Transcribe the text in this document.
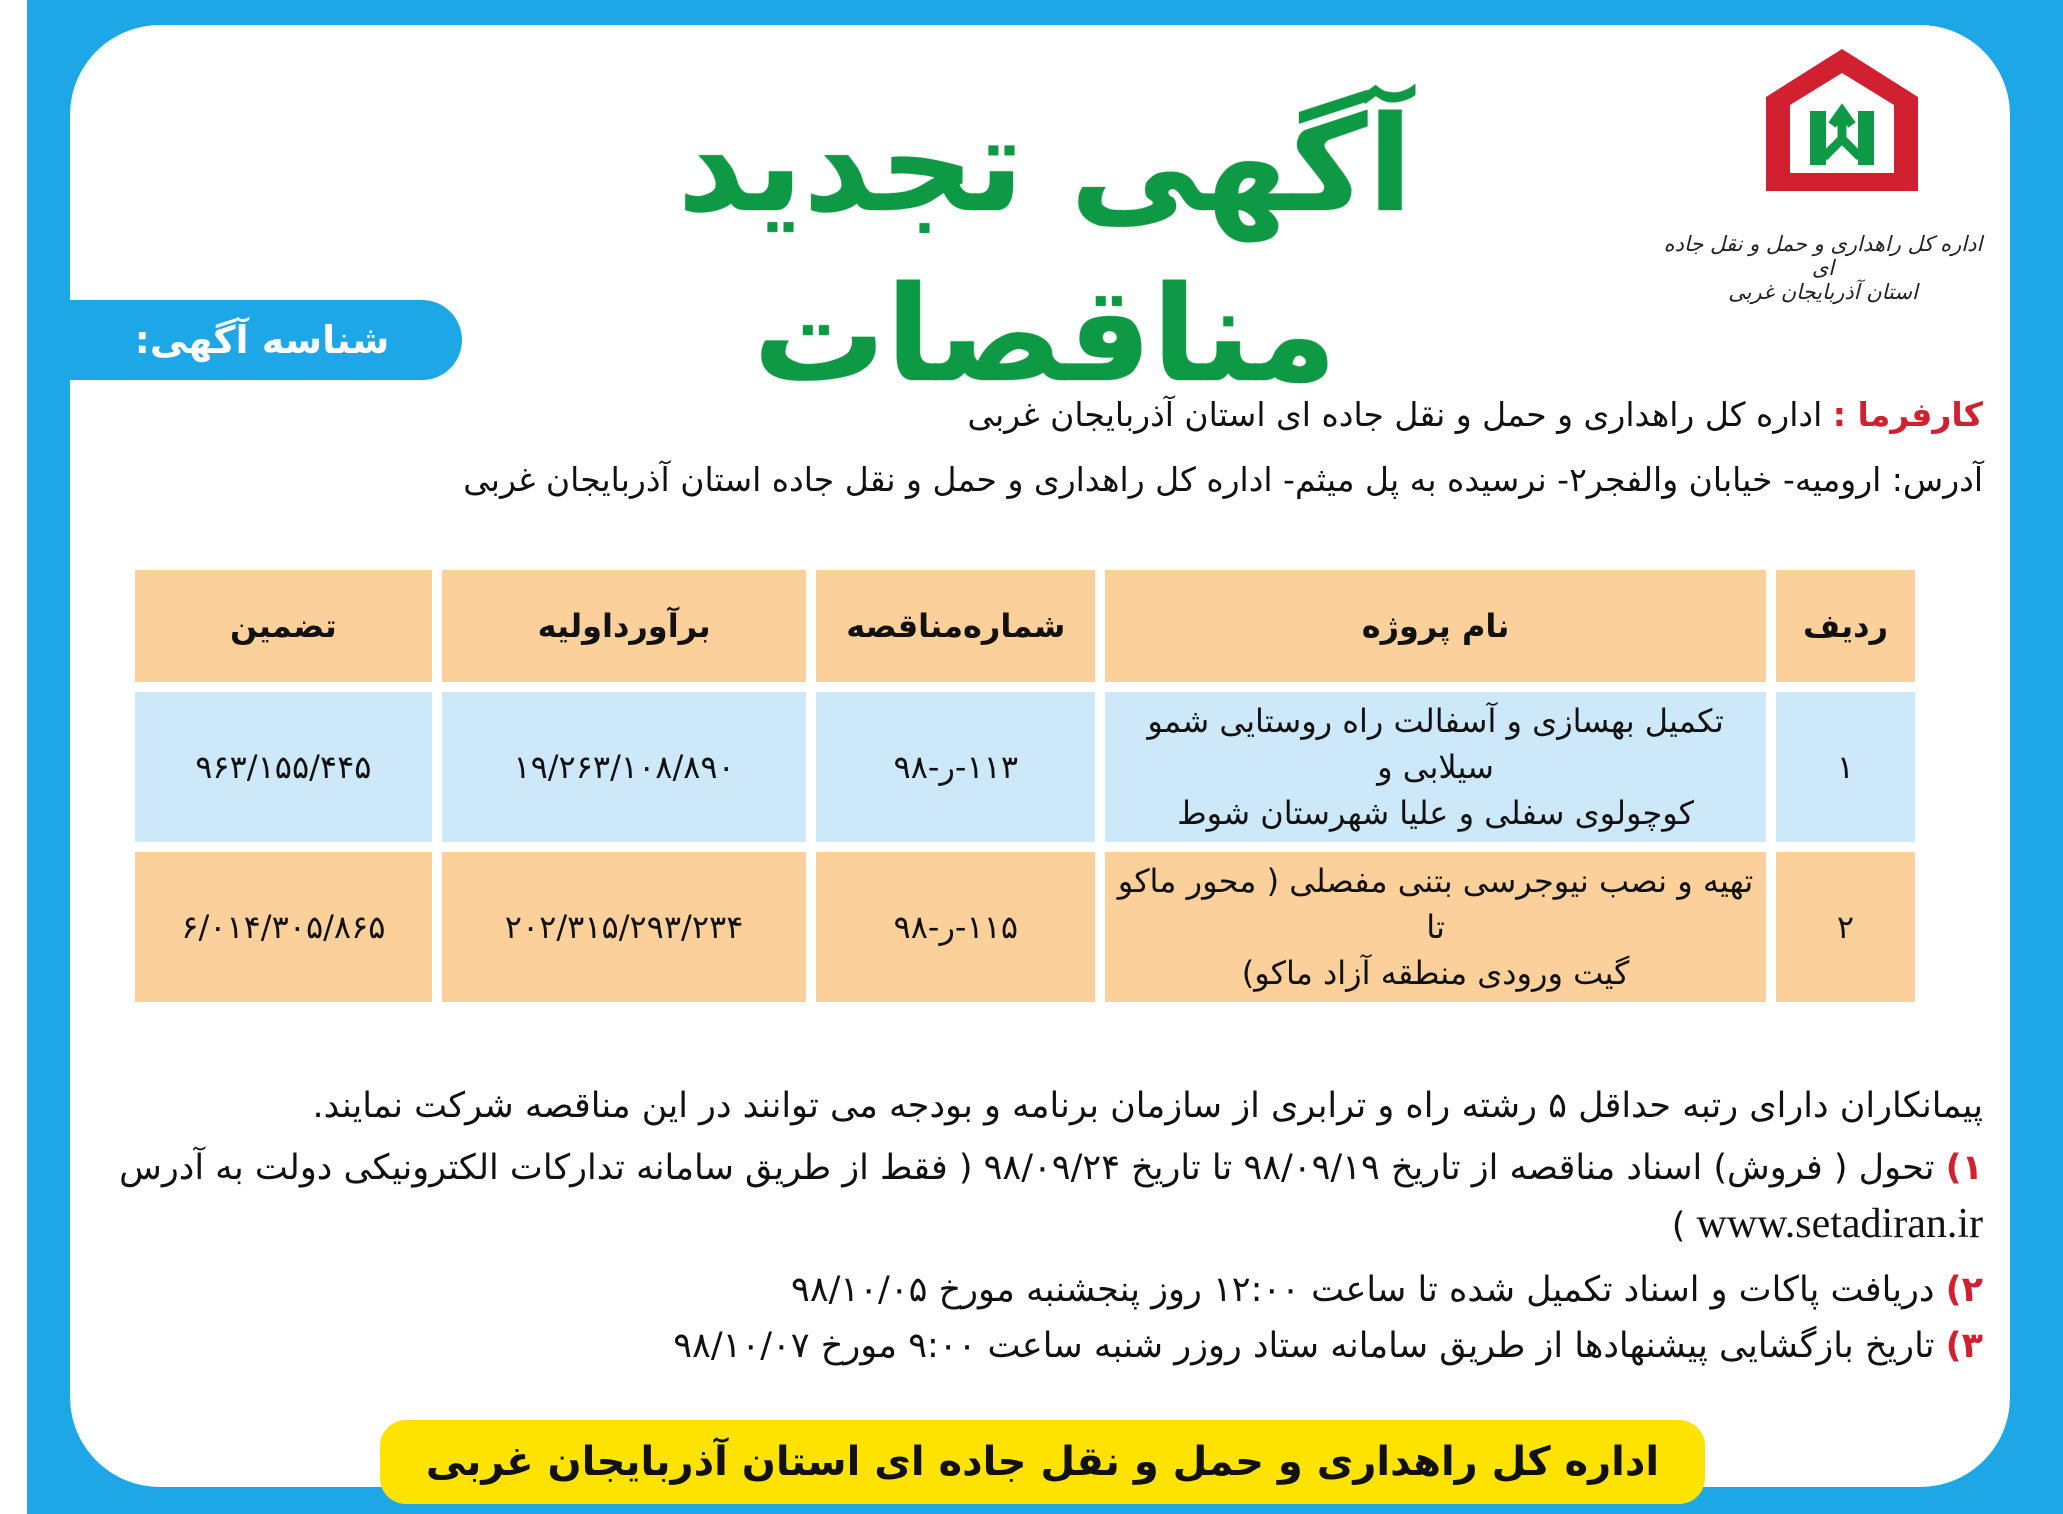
اداره کل راهداری و حمل و نقل جاده ای
استان آذربایجان غربی
آگهی تجدید مناقصات
شناسه آگهی: ۶۹۰۹۴۵	کارفرما : اداره کل راهداری و حمل و نقل جاده ای استان آذربایجان غربی
آدرس: ارومیه- خیابان والفجر۲- نرسیده به پل میثم- اداره کل راهداری و حمل و نقل جاده استان آذربایجان غربی
ردیف	نام پروژه	شماره‌مناقصه	برآورداولیه	تضمین
۱	تکمیل بهسازی و آسفالت راه روستایی شمو سیلابی و
کوچولوی سفلی و علیا شهرستان شوط	۱۱۳-ر-۹۸	۱۹/۲۶۳/۱۰۸/۸۹۰	۹۶۳/۱۵۵/۴۴۵
۲	تهیه و نصب نیوجرسی بتنی مفصلی ( محور ماکو تا
گیت ورودی منطقه آزاد ماکو)	۱۱۵-ر-۹۸	۲۰۲/۳۱۵/۲۹۳/۲۳۴	۶/۰۱۴/۳۰۵/۸۶۵
پیمانکاران دارای رتبه حداقل ۵ رشته راه و ترابری از سازمان برنامه و بودجه می توانند در این مناقصه شرکت نمایند.
۱) تحول ( فروش) اسناد مناقصه از تاریخ ۹۸/۰۹/۱۹ تا تاریخ ۹۸/۰۹/۲۴ ( فقط از طریق سامانه تدارکات الکترونیکی دولت به آدرس
www.setadiran.ir )
۲) دریافت پاکات و اسناد تکمیل شده تا ساعت ۱۲:۰۰ روز پنجشنبه مورخ ۹۸/۱۰/۰۵
۳) تاریخ بازگشایی پیشنهادها از طریق سامانه ستاد روزر شنبه ساعت ۹:۰۰ مورخ ۹۸/۱۰/۰۷
اداره کل راهداری و حمل و نقل جاده ای استان آذربایجان غربی
